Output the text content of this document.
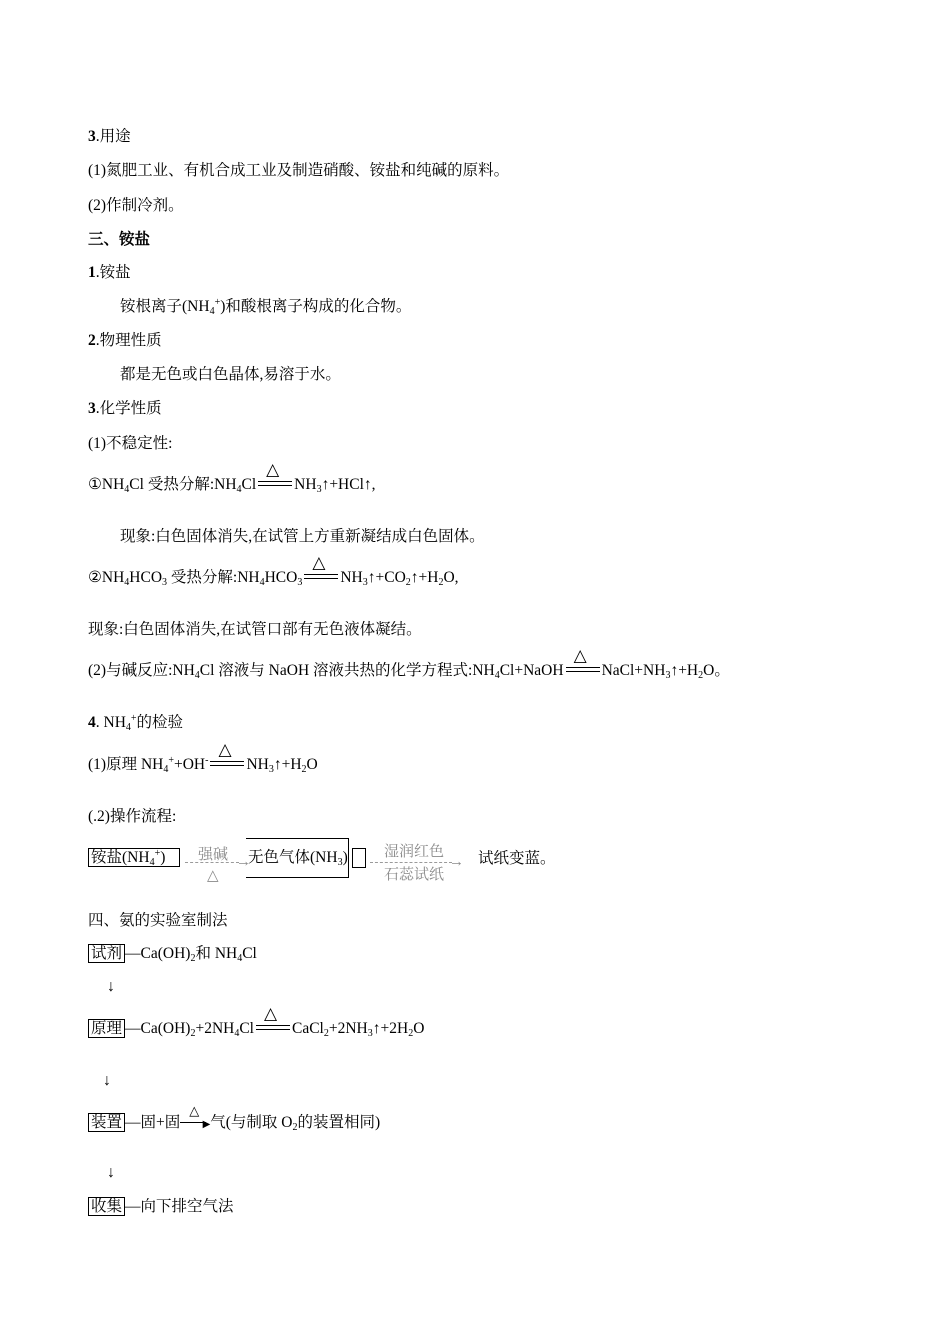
3.用途
(1)氮肥工业、有机合成工业及制造硝酸、铵盐和纯碱的原料。
(2)作制冷剂。
三、铵盐
1.铵盐
铵根离子$(NH_4^+)$和酸根离子构成的化合物。
2.物理性质
都是无色或白色晶体,易溶于水。
3.化学性质
(1)不稳定性:
$①NH_4Cl$ 受热分解$:NH_4Cl$
△
$NH_3↑+HCl↑$,
现象:白色固体消失,在试管上方重新凝结成白色固体。
$②NH_4HCO_3$ 受热分解$:NH_4HCO_3$
△
$NH_3↑+CO_2↑+H_2O$,
现象:白色固体消失,在试管口部有无色液体凝结。
(2)与碱反应$:NH_4Cl$ 溶液与 NaOH 溶液共热的化学方程式$:NH_4Cl+NaOH$
△
$NaCl+NH_3↑+H_2O$。
4. $NH_4^+$的检验
(1)原理 $NH_4^++OH^-$
△
$NH_3↑+H_2O$
(.2)操作流程:
铵盐$(NH_4^+)$	强碱 →
△
无色气体$(NH_3)$ 湿润红色
→
石蕊试纸
试纸变蓝。
四、氨的实验室制法
试剂 $—Ca(OH)_2$和 $NH_4Cl$
↓
原理 $—Ca(OH)_2+2NH_4Cl$
△
$CaCl_2+2NH_3↑+2H_2O$
↓
装置 —固+固
△
▶ 气(与制取 $O_2$的装置相同)
↓
收集 —向下排空气法
